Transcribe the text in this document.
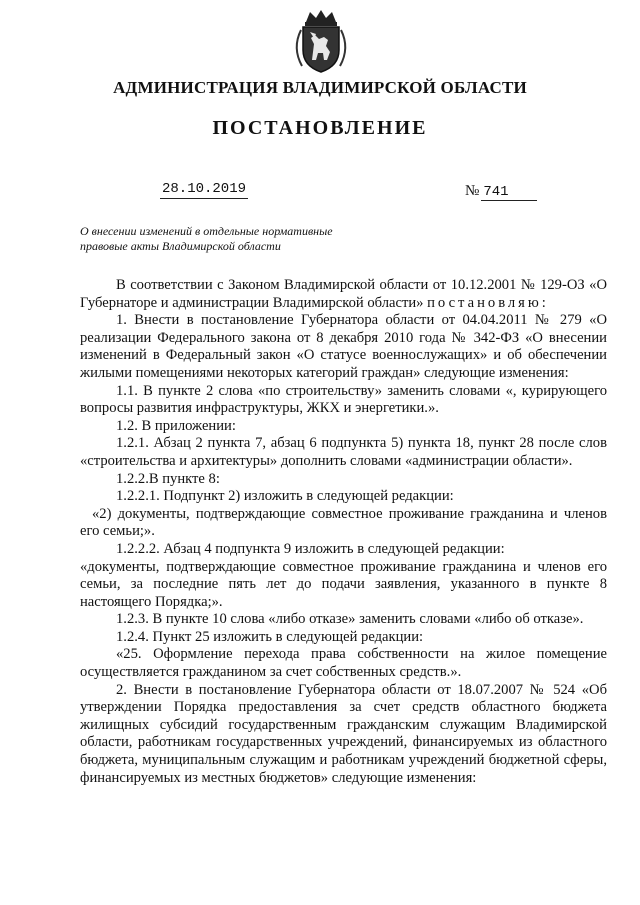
АДМИНИСТРАЦИЯ ВЛАДИМИРСКОЙ ОБЛАСТИ
ПОСТАНОВЛЕНИЕ
28.10.2019	№ 741
О внесении изменений в отдельные нормативные
правовые акты Владимирской области

В соответствии с Законом Владимирской области от 10.12.2001 № 129-ОЗ «О Губернаторе и администрации Владимирской области» постановляю:

1. Внести в постановление Губернатора области от 04.04.2011 № 279 «О реализации Федерального закона от 8 декабря 2010 года № 342-ФЗ «О внесении изменений в Федеральный закон «О статусе военнослужащих» и об обеспечении жилыми помещениями некоторых категорий граждан» следующие изменения:

1.1. В пункте 2 слова «по строительству» заменить словами «, курирующего вопросы развития инфраструктуры, ЖКХ и энергетики.».

1.2. В приложении:

1.2.1. Абзац 2 пункта 7, абзац 6 подпункта 5) пункта 18, пункт 28 после слов «строительства и архитектуры» дополнить словами «администрации области».

1.2.2.В пункте 8:

1.2.2.1. Подпункт 2) изложить в следующей редакции:

«2) документы, подтверждающие совместное проживание гражданина и членов его семьи;».

1.2.2.2. Абзац 4 подпункта 9 изложить в следующей редакции:

«документы, подтверждающие совместное проживание гражданина и членов его семьи, за последние пять лет до подачи заявления, указанного в пункте 8 настоящего Порядка;».

1.2.3. В пункте 10 слова «либо отказе» заменить словами «либо об отказе».

1.2.4. Пункт 25 изложить в следующей редакции:

«25. Оформление перехода права собственности на жилое помещение осуществляется гражданином за счет собственных средств.».

2. Внести в постановление Губернатора области от 18.07.2007 № 524 «Об утверждении Порядка предоставления за счет средств областного бюджета жилищных субсидий государственным гражданским служащим Владимирской области, работникам государственных учреждений, финансируемых из областного бюджета, муниципальным служащим и работникам учреждений бюджетной сферы, финансируемых из местных бюджетов» следующие изменения:
